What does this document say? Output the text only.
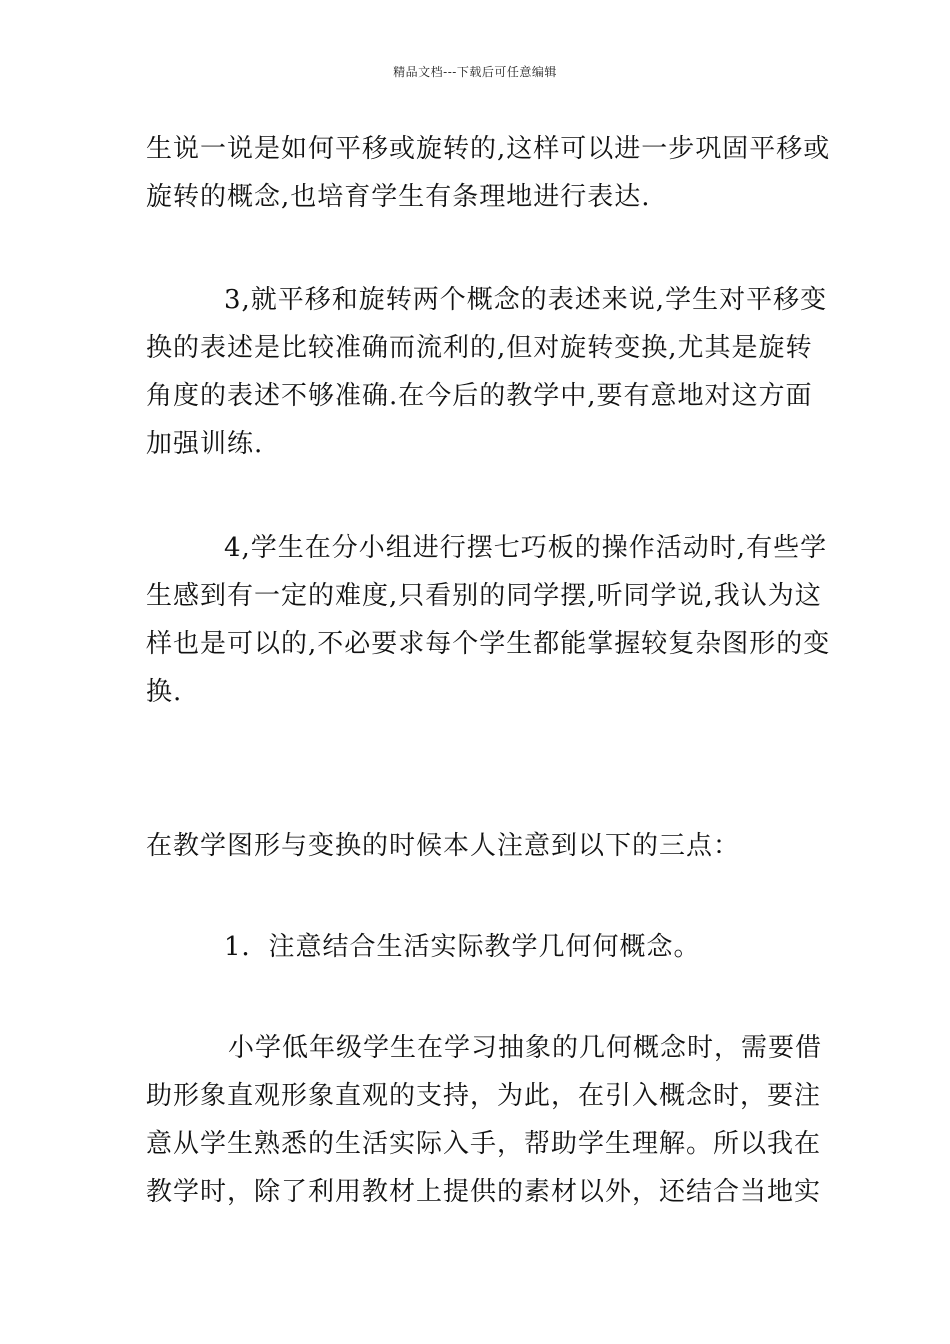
精品文档---下载后可任意编辑
生说一说是如何平移或旋转的,这样可以进一步巩固平移或
旋转的概念,也培育学生有条理地进行表达.
3,就平移和旋转两个概念的表述来说,学生对平移变
换的表述是比较准确而流利的,但对旋转变换,尤其是旋转
角度的表述不够准确.在今后的教学中,要有意地对这方面
加强训练.
4,学生在分小组进行摆七巧板的操作活动时,有些学
生感到有一定的难度,只看别的同学摆,听同学说,我认为这
样也是可以的,不必要求每个学生都能掌握较复杂图形的变
换.
在教学图形与变换的时候本人注意到以下的三点：
1．注意结合生活实际教学几何何概念。
小学低年级学生在学习抽象的几何概念时，需要借
助形象直观形象直观的支持，为此，在引入概念时，要注
意从学生熟悉的生活实际入手，帮助学生理解。所以我在
教学时，除了利用教材上提供的素材以外，还结合当地实
